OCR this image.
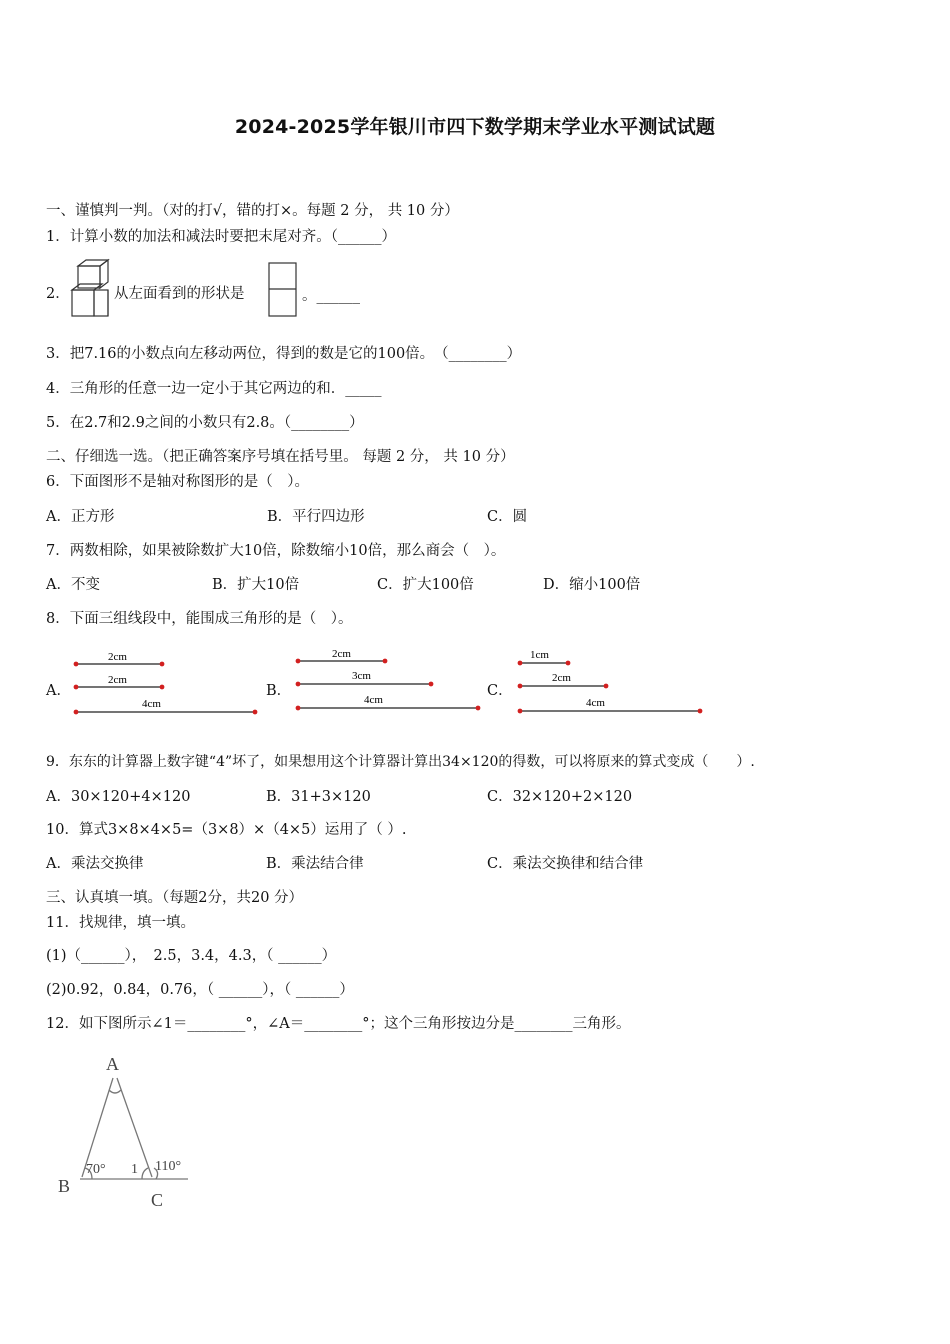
2024-2025学年银川市四下数学期末学业水平测试试题
一、谨慎判一判。（对的打√，错的打×。每题 2 分， 共 10 分）
1．计算小数的加法和减法时要把末尾对齐。（______）
2．	从左面看到的形状是	。______
3．把7.16的小数点向左移动两位，得到的数是它的100倍。　（________）
4．三角形的任意一边一定小于其它两边的和．_____
5．在2.7和2.9之间的小数只有2.8。（________）
二、仔细选一选。（把正确答案序号填在括号里。 每题 2 分， 共 10 分）
6．下面图形不是轴对称图形的是（　）。
A．正方形	B．平行四边形	C．圆
7．两数相除，如果被除数扩大10倍，除数缩小10倍，那么商会（　）。
A．不变	B．扩大10倍	C．扩大100倍	D．缩小100倍
8．下面三组线段中，能围成三角形的是（　）。
A．	B．	C．
2cm
2cm
4cm
2cm
3cm
4cm
1cm
2cm
4cm
9．东东的计算器上数字键“4”坏了，如果想用这个计算器计算出34×120的得数，可以将原来的算式变成（　　）.
A．30×120+4×120	B．31+3×120	C．32×120+2×120
10．算式3×8×4×5=（3×8）×（4×5）运用了（ ）.
A．乘法交换律	B．乘法结合律	C．乘法交换律和结合律
三、认真填一填。（每题2分，共20 分）
11．找规律，填一填。
(1)（______），　2.5，3.4，4.3，（ ______）
(2)0.92，0.84，0.76，（ ______），（ ______）
12．如下图所示∠1＝________°，∠A＝________°；这个三角形按边分是________三角形。
A
B
C
70° 1 110°
